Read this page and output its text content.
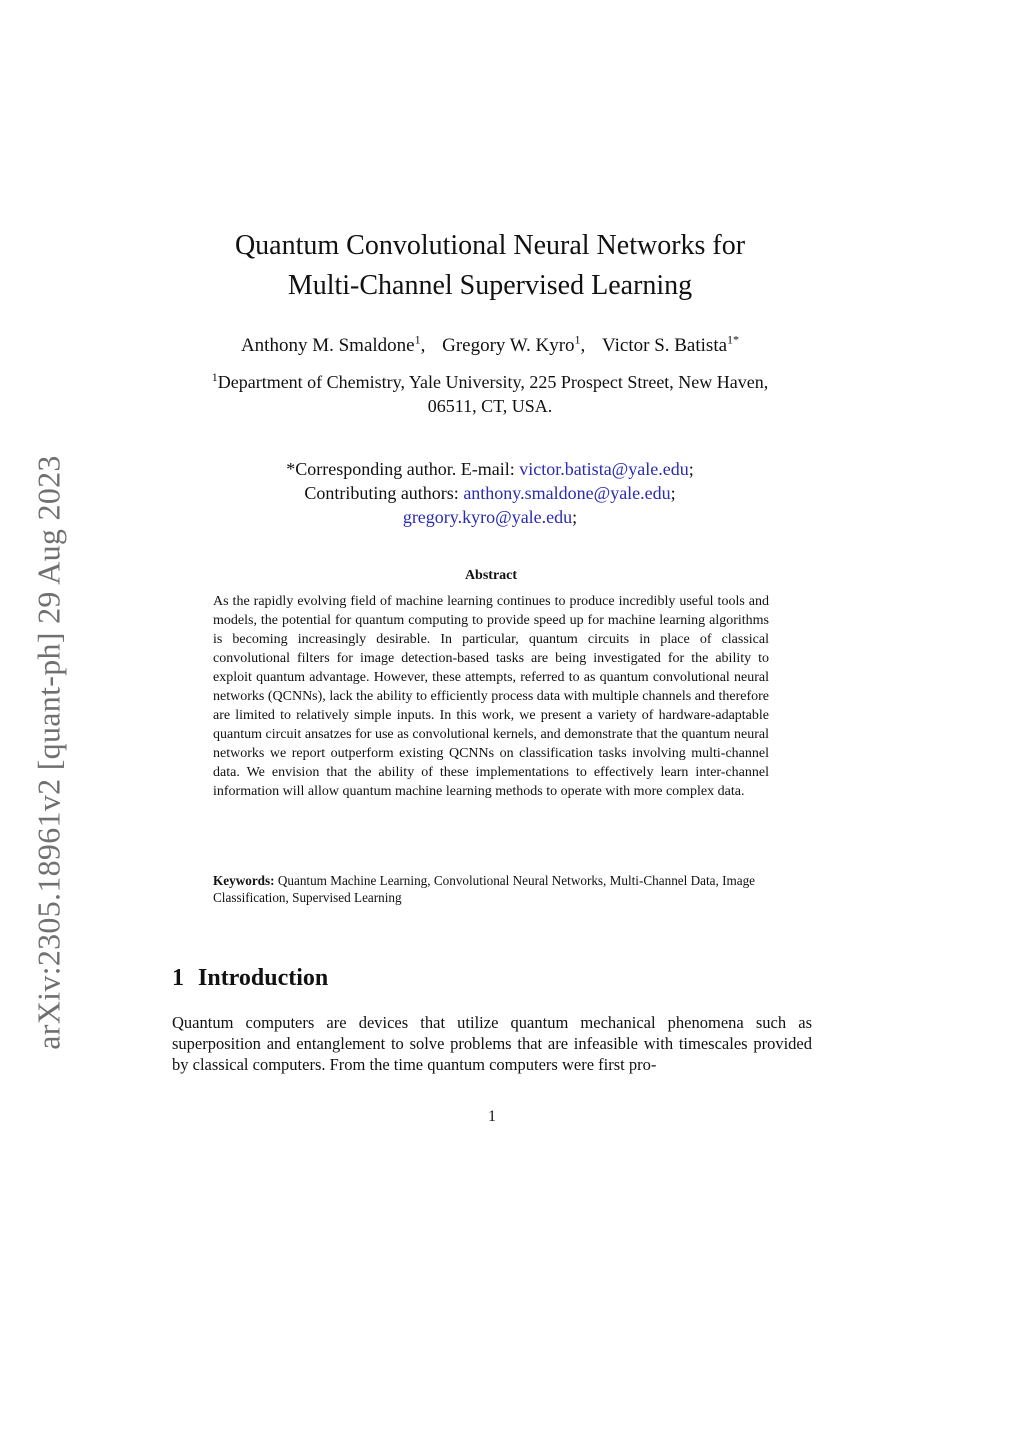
arXiv:2305.18961v2 [quant-ph] 29 Aug 2023
Quantum Convolutional Neural Networks for
Multi-Channel Supervised Learning
Anthony M. Smaldone$^1$, Gregory W. Kyro$^1$, Victor S. Batista$^{1*}$
$^1$Department of Chemistry, Yale University, 225 Prospect Street, New Haven, 06511, CT, USA.
*Corresponding author. E-mail: victor.batista@yale.edu;
Contributing authors: anthony.smaldone@yale.edu;
gregory.kyro@yale.edu;
Abstract

As the rapidly evolving field of machine learning continues to produce incredibly useful tools and models, the potential for quantum computing to provide speed up for machine learning algorithms is becoming increasingly desirable. In particular, quantum circuits in place of classical convolutional filters for image detection-based tasks are being investigated for the ability to exploit quantum advantage. However, these attempts, referred to as quantum convolutional neural networks (QCNNs), lack the ability to efficiently process data with multiple channels and therefore are limited to relatively simple inputs. In this work, we present a variety of hardware-adaptable quantum circuit ansatzes for use as convolutional kernels, and demonstrate that the quantum neural networks we report outperform existing QCNNs on classification tasks involving multi-channel data. We envision that the ability of these implementations to effectively learn inter-channel information will allow quantum machine learning methods to operate with more complex data.

Keywords: Quantum Machine Learning, Convolutional Neural Networks, Multi-Channel Data, Image Classification, Supervised Learning

1 Introduction

Quantum computers are devices that utilize quantum mechanical phenomena such as superposition and entanglement to solve problems that are infeasible with timescales provided by classical computers. From the time quantum computers were first pro-

1
